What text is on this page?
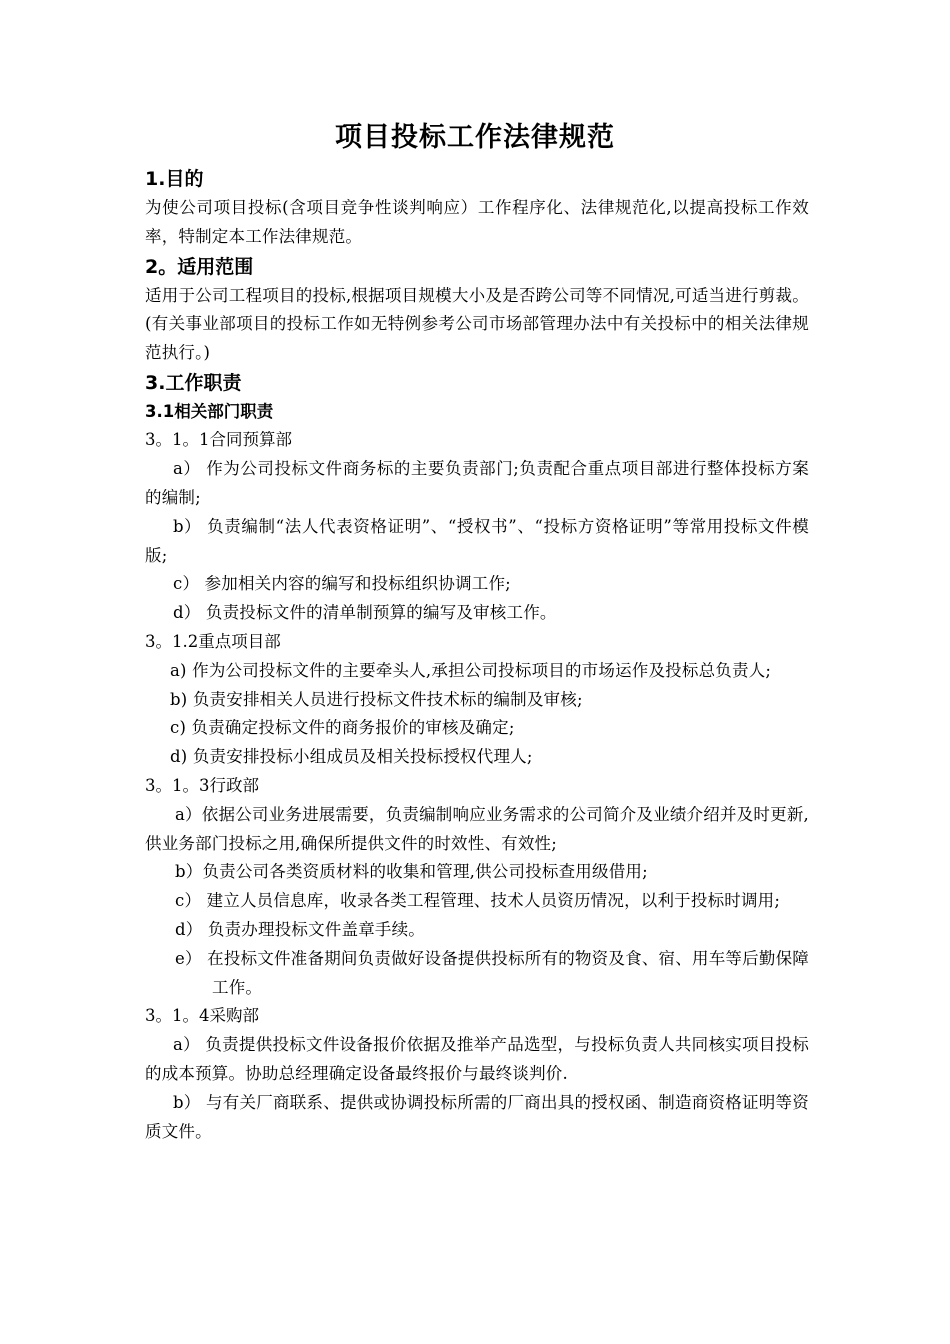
项目投标工作法律规范

1.目的

为使公司项目投标(含项目竞争性谈判响应）工作程序化、法律规范化,以提高投标工作效率，特制定本工作法律规范。

2。适用范围

适用于公司工程项目的投标,根据项目规模大小及是否跨公司等不同情况,可适当进行剪裁。(有关事业部项目的投标工作如无特例参考公司市场部管理办法中有关投标中的相关法律规范执行。)

3.工作职责

3.1相关部门职责

3。1。1合同预算部

a） 作为公司投标文件商务标的主要负责部门;负责配合重点项目部进行整体投标方案的编制;

b） 负责编制“法人代表资格证明”、“授权书”、“投标方资格证明”等常用投标文件模版;

c） 参加相关内容的编写和投标组织协调工作;

d） 负责投标文件的清单制预算的编写及审核工作。

3。1.2重点项目部

a) 作为公司投标文件的主要牵头人,承担公司投标项目的市场运作及投标总负责人;

b) 负责安排相关人员进行投标文件技术标的编制及审核;

c) 负责确定投标文件的商务报价的审核及确定;

d) 负责安排投标小组成员及相关投标授权代理人;

3。1。3行政部

a）依据公司业务进展需要，负责编制响应业务需求的公司简介及业绩介绍并及时更新,供业务部门投标之用,确保所提供文件的时效性、有效性;

b）负责公司各类资质材料的收集和管理,供公司投标查用级借用;

c） 建立人员信息库，收录各类工程管理、技术人员资历情况，以利于投标时调用;

d） 负责办理投标文件盖章手续。

e） 在投标文件准备期间负责做好设备提供投标所有的物资及食、宿、用车等后勤保障工作。

3。1。4采购部

a） 负责提供投标文件设备报价依据及推举产品选型，与投标负责人共同核实项目投标的成本预算。协助总经理确定设备最终报价与最终谈判价.

b） 与有关厂商联系、提供或协调投标所需的厂商出具的授权函、制造商资格证明等资质文件。
